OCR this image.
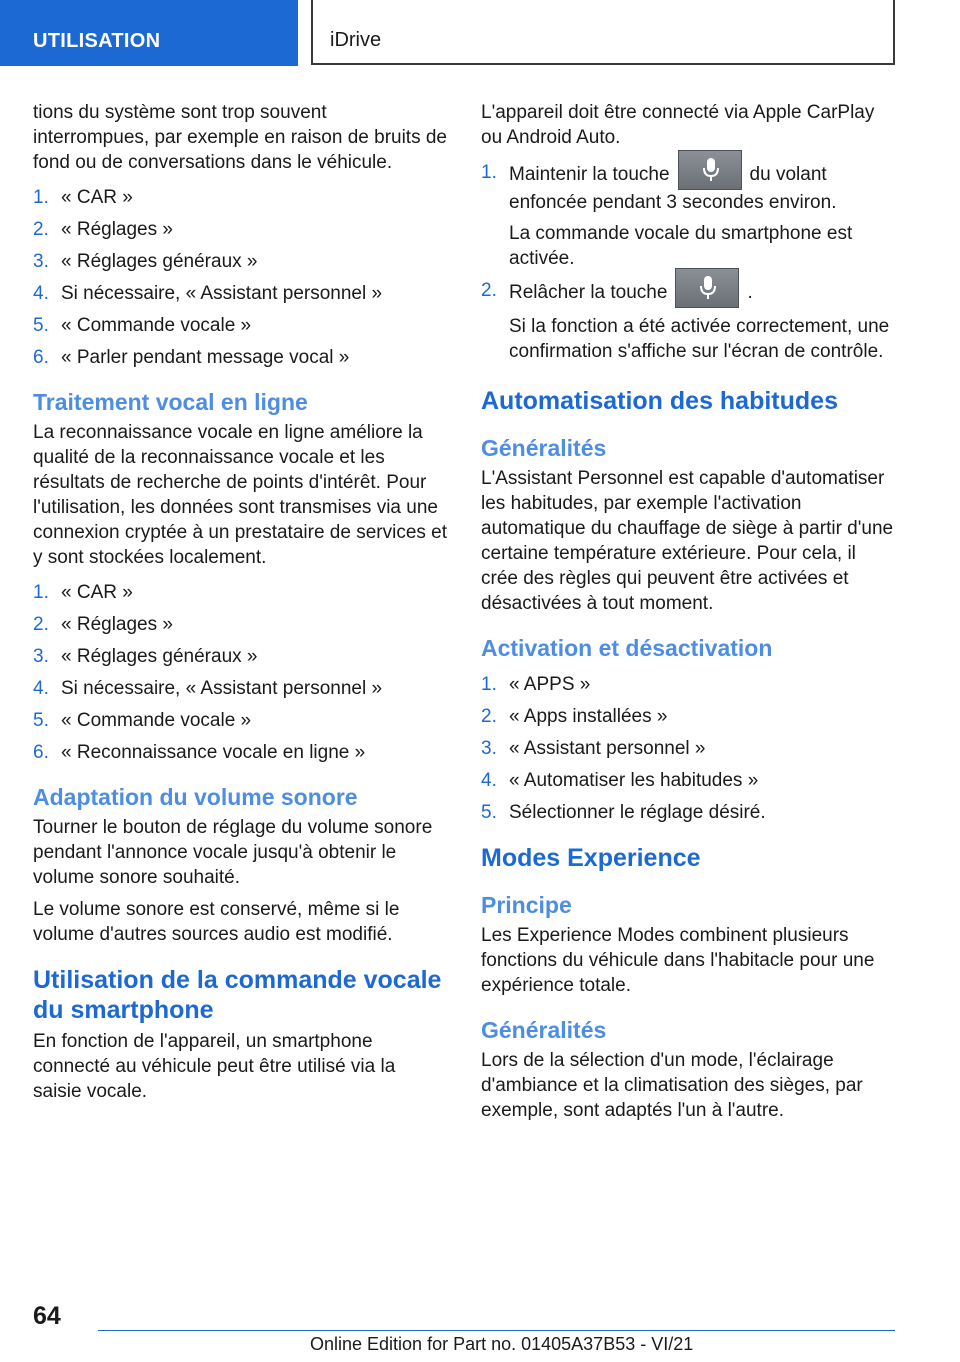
UTILISATION	iDrive

tions du système sont trop souvent interrompues, par exemple en raison de bruits de fond ou de conversations dans le véhicule.

1. « CAR »
2. « Réglages »
3. « Réglages généraux »
4. Si nécessaire, « Assistant personnel »
5. « Commande vocale »
6. « Parler pendant message vocal »
Traitement vocal en ligne

La reconnaissance vocale en ligne améliore la qualité de la reconnaissance vocale et les résultats de recherche de points d'intérêt. Pour l'utilisation, les données sont transmises via une connexion cryptée à un prestataire de services et y sont stockées localement.

1. « CAR »
2. « Réglages »
3. « Réglages généraux »
4. Si nécessaire, « Assistant personnel »
5. « Commande vocale »
6. « Reconnaissance vocale en ligne »
Adaptation du volume sonore

Tourner le bouton de réglage du volume sonore pendant l'annonce vocale jusqu'à obtenir le volume sonore souhaité.

Le volume sonore est conservé, même si le volume d'autres sources audio est modifié.

Utilisation de la commande vocale du smartphone

En fonction de l'appareil, un smartphone connecté au véhicule peut être utilisé via la saisie vocale.

L'appareil doit être connecté via Apple CarPlay ou Android Auto.

1. Maintenir la touche	du volant enfoncée pendant 3 secondes environ.
La commande vocale du smartphone est activée.
2. Relâcher la touche	.
Si la fonction a été activée correctement, une confirmation s'affiche sur l'écran de contrôle.
Automatisation des habitudes
Généralités

L'Assistant Personnel est capable d'automatiser les habitudes, par exemple l'activation automatique du chauffage de siège à partir d'une certaine température extérieure. Pour cela, il crée des règles qui peuvent être activées et désactivées à tout moment.

Activation et désactivation
1. « APPS »
2. « Apps installées »
3. « Assistant personnel »
4. « Automatiser les habitudes »
5. Sélectionner le réglage désiré.
Modes Experience
Principe

Les Experience Modes combinent plusieurs fonctions du véhicule dans l'habitacle pour une expérience totale.

Généralités

Lors de la sélection d'un mode, l'éclairage d'ambiance et la climatisation des sièges, par exemple, sont adaptés l'un à l'autre.

64
Online Edition for Part no. 01405A37B53 - VI/21
